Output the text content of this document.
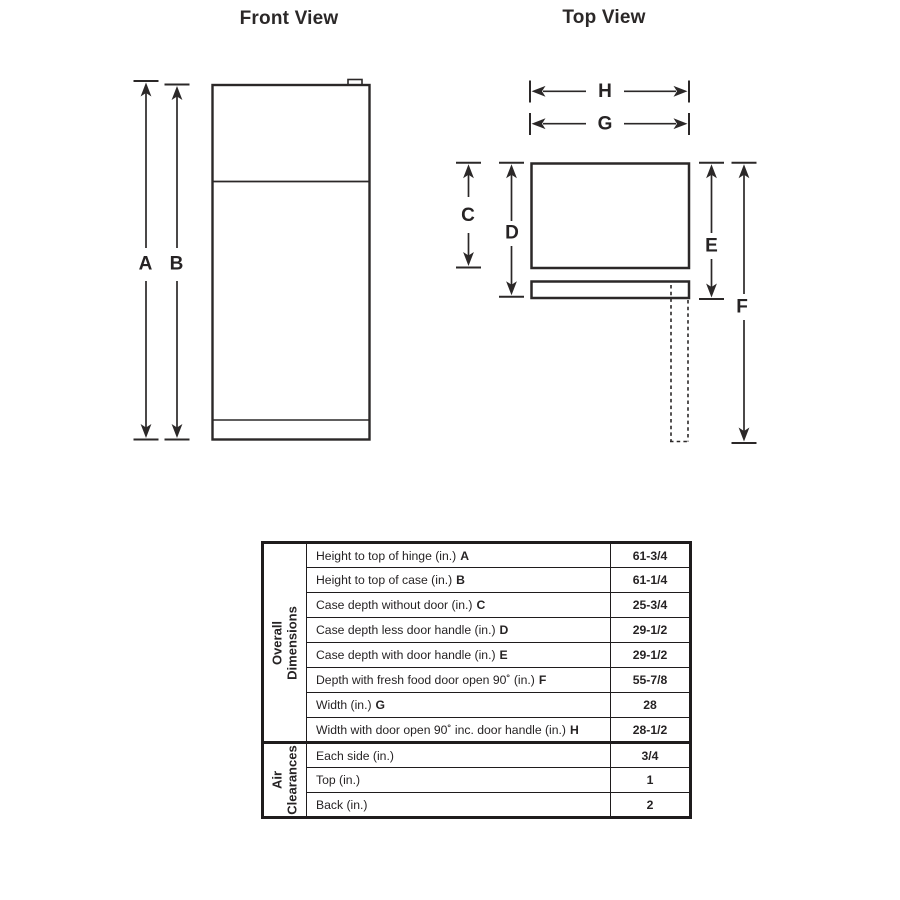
Front View	Top View
A B
H
G
C
D
E
F
Overall Dimensions	Height to top of hinge (in.) A	61-3/4
	Height to top of case (in.) B	61-1/4
	Case depth without door (in.) C	25-3/4
	Case depth less door handle (in.) D	29-1/2
	Case depth with door handle (in.) E	29-1/2
	Depth with fresh food door open 90˚ (in.) F	55-7/8
	Width (in.) G	28
	Width with door open 90˚ inc. door handle (in.) H	28-1/2

Air Clearances	Each side (in.)	3/4
	Top (in.)	1
	Back (in.)	2
